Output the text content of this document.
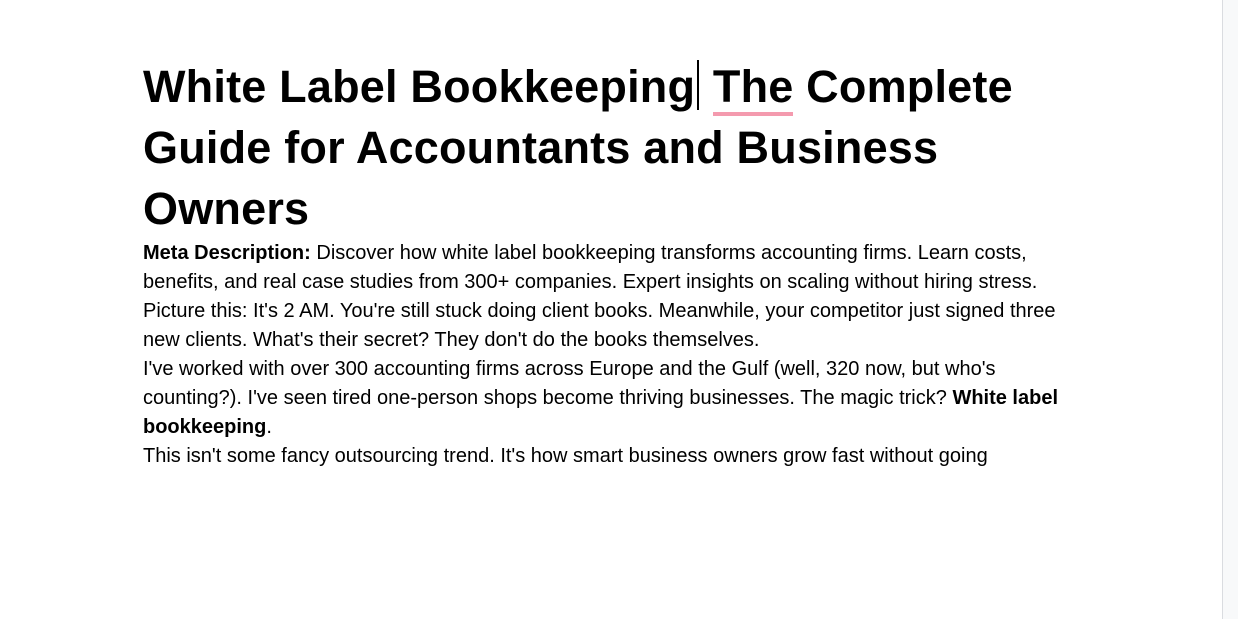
White Label Bookkeeping The Complete Guide for Accountants and Business Owners

Meta Description: Discover how white label bookkeeping transforms accounting firms. Learn costs, benefits, and real case studies from 300+ companies. Expert insights on scaling without hiring stress.

Picture this: It's 2 AM. You're still stuck doing client books. Meanwhile, your competitor just signed three new clients. What's their secret? They don't do the books themselves.

I've worked with over 300 accounting firms across Europe and the Gulf (well, 320 now, but who's counting?). I've seen tired one-person shops become thriving businesses. The magic trick? White label bookkeeping.

This isn't some fancy outsourcing trend. It's how smart business owners grow fast without going
